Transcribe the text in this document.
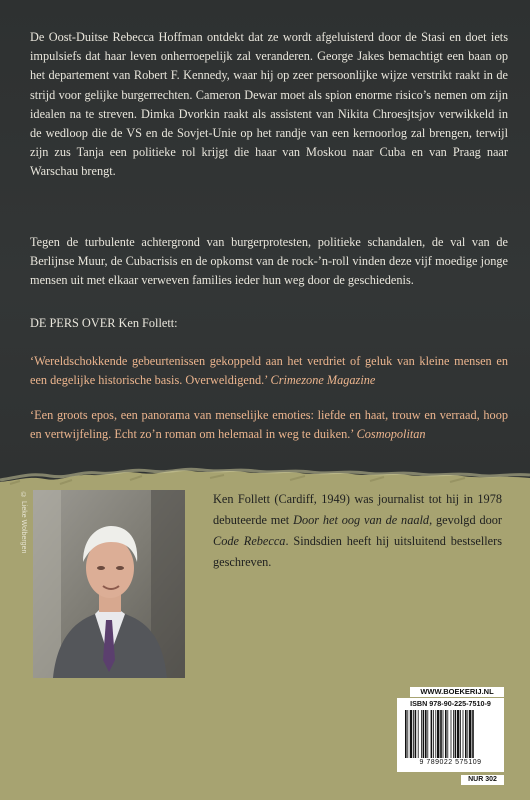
De Oost-Duitse Rebecca Hoffman ontdekt dat ze wordt afgeluisterd door de Stasi en doet iets impulsiefs dat haar leven onherroepelijk zal veranderen. George Jakes bemachtigt een baan op het departement van Robert F. Kennedy, waar hij op zeer persoonlijke wijze verstrikt raakt in de strijd voor gelijke burgerrechten. Cameron Dewar moet als spion enorme risico’s nemen om zijn idealen na te streven. Dimka Dvorkin raakt als assistent van Nikita Chroesjtsjov verwikkeld in de wedloop die de VS en de Sovjet-Unie op het randje van een kernoorlog zal brengen, terwijl zijn zus Tanja een politieke rol krijgt die haar van Moskou naar Cuba en van Praag naar Warschau brengt.

Tegen de turbulente achtergrond van burgerprotesten, politieke schandalen, de val van de Berlijnse Muur, de Cubacrisis en de opkomst van de rock-’n-roll vinden deze vijf moedige jonge mensen uit met elkaar verweven families ieder hun weg door de geschiedenis.

DE PERS OVER Ken Follett:

‘Wereldschokkende gebeurtenissen gekoppeld aan het verdriet of geluk van kleine mensen en een degelijke historische basis. Overweldigend.’ Crimezone Magazine

‘Een groots epos, een panorama van menselijke emoties: liefde en haat, trouw en verraad, hoop en vertwijfeling. Echt zo’n roman om helemaal in weg te duiken.’ Cosmopolitan

© Lieke Wolbergen	Ken Follett (Cardiff, 1949) was journalist tot hij in 1978 debuteerde met Door het oog van de naald, gevolgd door Code Rebecca. Sindsdien heeft hij uitsluitend bestsellers geschreven.

WWW.BOEKERIJ.NL
ISBN 978-90-225-7510-9
9 789022 575109
NUR 302
